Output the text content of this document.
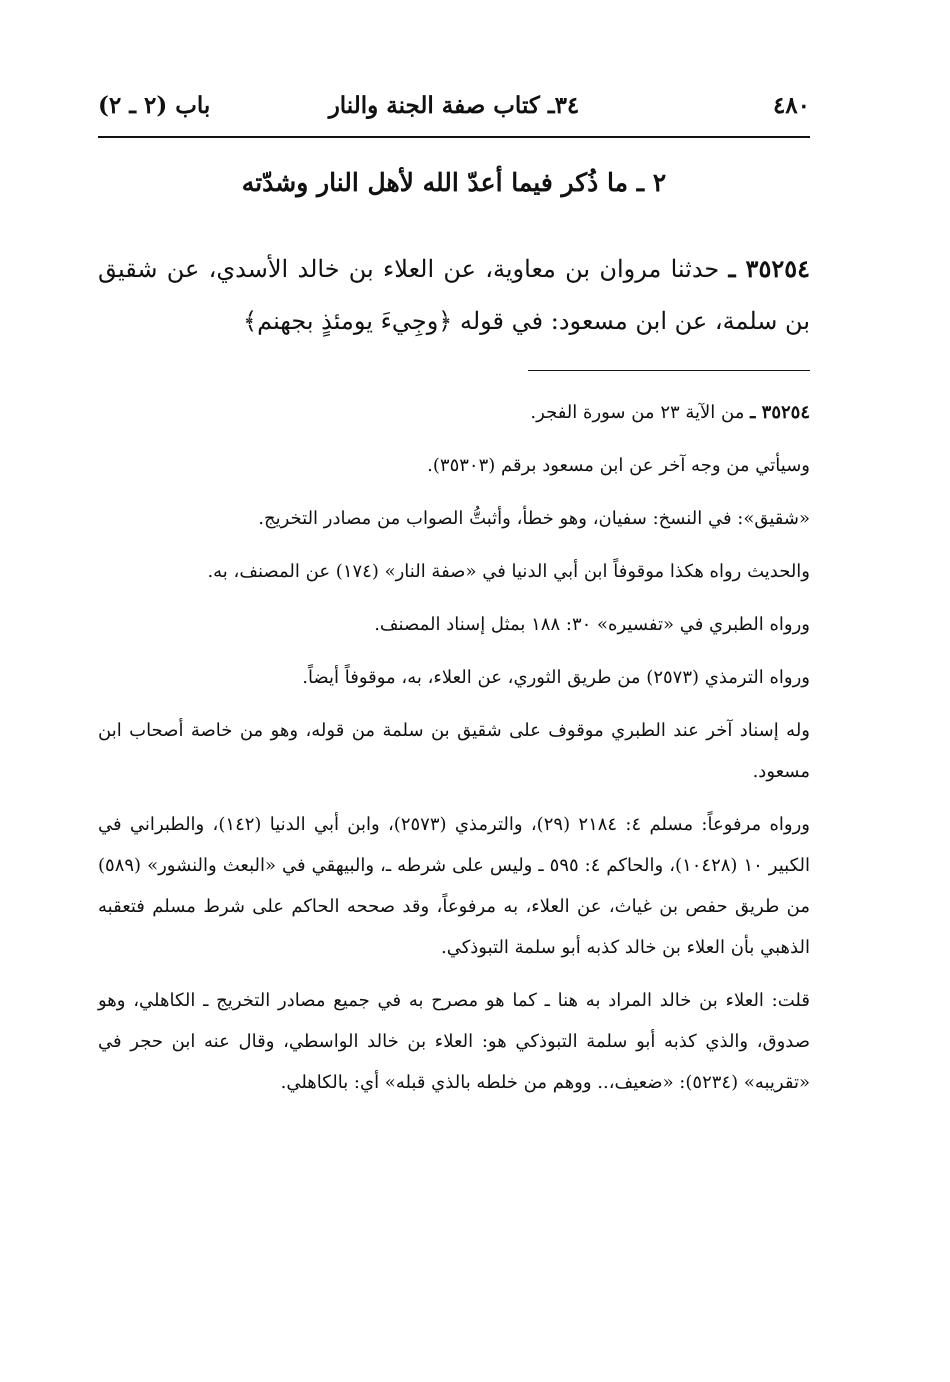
٤٨٠
٣٤ـ كتاب صفة الجنة والنار
باب (٢ ـ ٢)
٢ ـ ما ذُكر فيما أعدّ الله لأهل النار وشدّته

٣٥٢٥٤ ـ حدثنا مروان بن معاوية، عن العلاء بن خالد الأسدي، عن شقيق بن سلمة، عن ابن مسعود: في قوله ﴿وجِيءَ يومئذٍ بجهنم﴾

٣٥٢٥٤ ـ من الآية ٢٣ من سورة الفجر.

وسيأتي من وجه آخر عن ابن مسعود برقم (٣٥٣٠٣).

«شقيق»: في النسخ: سفيان، وهو خطأ، وأثبتُّ الصواب من مصادر التخريج.

والحديث رواه هكذا موقوفاً ابن أبي الدنيا في «صفة النار» (١٧٤) عن المصنف، به.

ورواه الطبري في «تفسيره» ٣٠: ١٨٨ بمثل إسناد المصنف.

ورواه الترمذي (٢٥٧٣) من طريق الثوري، عن العلاء، به، موقوفاً أيضاً.

وله إسناد آخر عند الطبري موقوف على شقيق بن سلمة من قوله، وهو من خاصة أصحاب ابن مسعود.

ورواه مرفوعاً: مسلم ٤: ٢١٨٤ (٢٩)، والترمذي (٢٥٧٣)، وابن أبي الدنيا (١٤٢)، والطبراني في الكبير ١٠ (١٠٤٢٨)، والحاكم ٤: ٥٩٥ ـ وليس على شرطه ـ، والبيهقي في «البعث والنشور» (٥٨٩) من طريق حفص بن غياث، عن العلاء، به مرفوعاً، وقد صححه الحاكم على شرط مسلم فتعقبه الذهبي بأن العلاء بن خالد كذبه أبو سلمة التبوذكي.

قلت: العلاء بن خالد المراد به هنا ـ كما هو مصرح به في جميع مصادر التخريج ـ الكاهلي، وهو صدوق، والذي كذبه أبو سلمة التبوذكي هو: العلاء بن خالد الواسطي، وقال عنه ابن حجر في «تقريبه» (٥٢٣٤): «ضعيف،.. ووهم من خلطه بالذي قبله» أي: بالكاهلي.
